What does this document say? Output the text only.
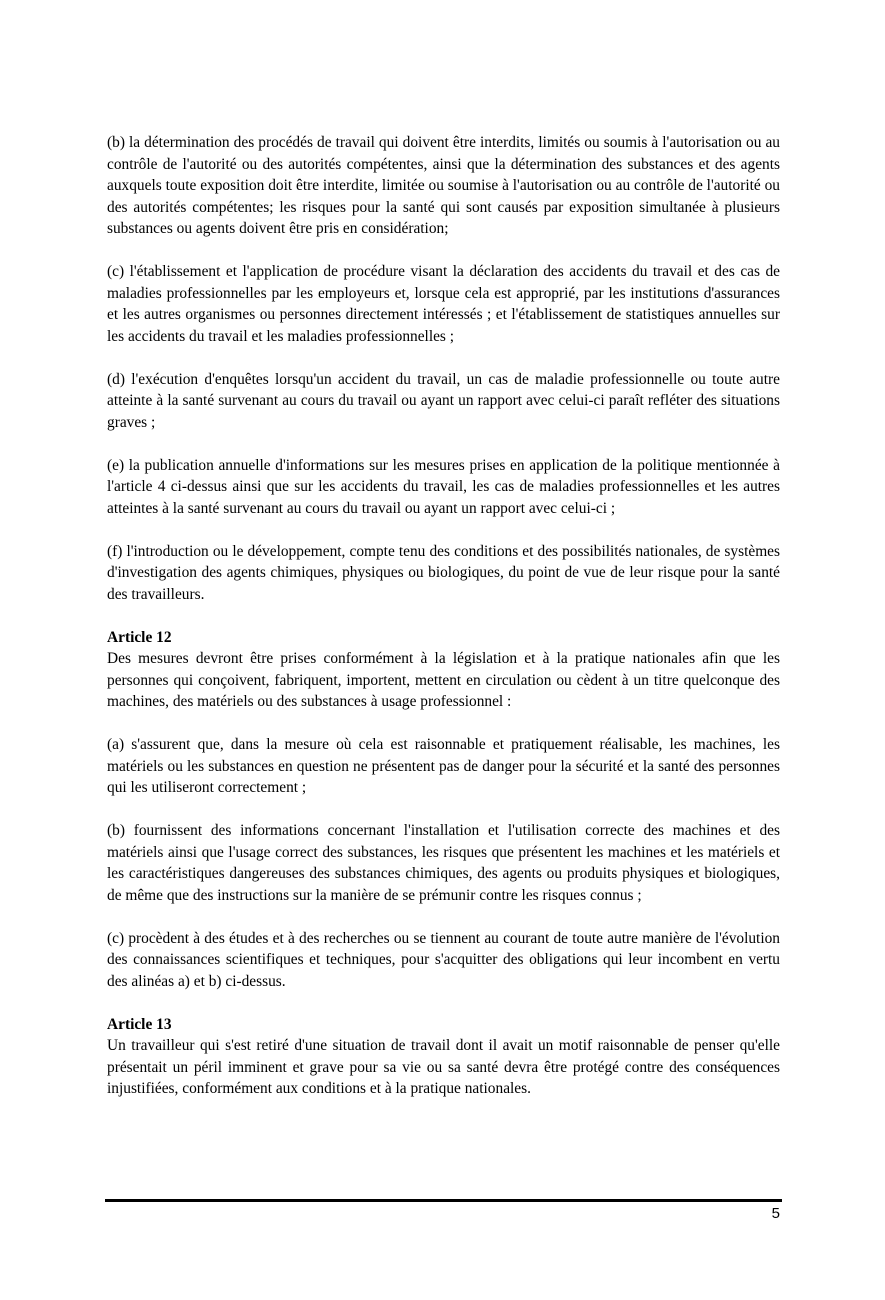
(b) la détermination des procédés de travail qui doivent être interdits, limités ou soumis à l'autorisation ou au contrôle de l'autorité ou des autorités compétentes, ainsi que la détermination des substances et des agents auxquels toute exposition doit être interdite, limitée ou soumise à l'autorisation ou au contrôle de l'autorité ou des autorités compétentes; les risques pour la santé qui sont causés par exposition simultanée à plusieurs substances ou agents doivent être pris en considération;

(c) l'établissement et l'application de procédure visant la déclaration des accidents du travail et des cas de maladies professionnelles par les employeurs et, lorsque cela est approprié, par les institutions d'assurances et les autres organismes ou personnes directement intéressés ; et l'établissement de statistiques annuelles sur les accidents du travail et les maladies professionnelles ;

(d) l'exécution d'enquêtes lorsqu'un accident du travail, un cas de maladie professionnelle ou toute autre atteinte à la santé survenant au cours du travail ou ayant un rapport avec celui-ci paraît refléter des situations graves ;

(e) la publication annuelle d'informations sur les mesures prises en application de la politique mentionnée à l'article 4 ci-dessus ainsi que sur les accidents du travail, les cas de maladies professionnelles et les autres atteintes à la santé survenant au cours du travail ou ayant un rapport avec celui-ci ;

(f) l'introduction ou le développement, compte tenu des conditions et des possibilités nationales, de systèmes d'investigation des agents chimiques, physiques ou biologiques, du point de vue de leur risque pour la santé des travailleurs.

Article 12

Des mesures devront être prises conformément à la législation et à la pratique nationales afin que les personnes qui conçoivent, fabriquent, importent, mettent en circulation ou cèdent à un titre quelconque des machines, des matériels ou des substances à usage professionnel :

(a) s'assurent que, dans la mesure où cela est raisonnable et pratiquement réalisable, les machines, les matériels ou les substances en question ne présentent pas de danger pour la sécurité et la santé des personnes qui les utiliseront correctement ;

(b) fournissent des informations concernant l'installation et l'utilisation correcte des machines et des matériels ainsi que l'usage correct des substances, les risques que présentent les machines et les matériels et les caractéristiques dangereuses des substances chimiques, des agents ou produits physiques et biologiques, de même que des instructions sur la manière de se prémunir contre les risques connus ;

(c) procèdent à des études et à des recherches ou se tiennent au courant de toute autre manière de l'évolution des connaissances scientifiques et techniques, pour s'acquitter des obligations qui leur incombent en vertu des alinéas a) et b) ci-dessus.

Article 13

Un travailleur qui s'est retiré d'une situation de travail dont il avait un motif raisonnable de penser qu'elle présentait un péril imminent et grave pour sa vie ou sa santé devra être protégé contre des conséquences injustifiées, conformément aux conditions et à la pratique nationales.

5
